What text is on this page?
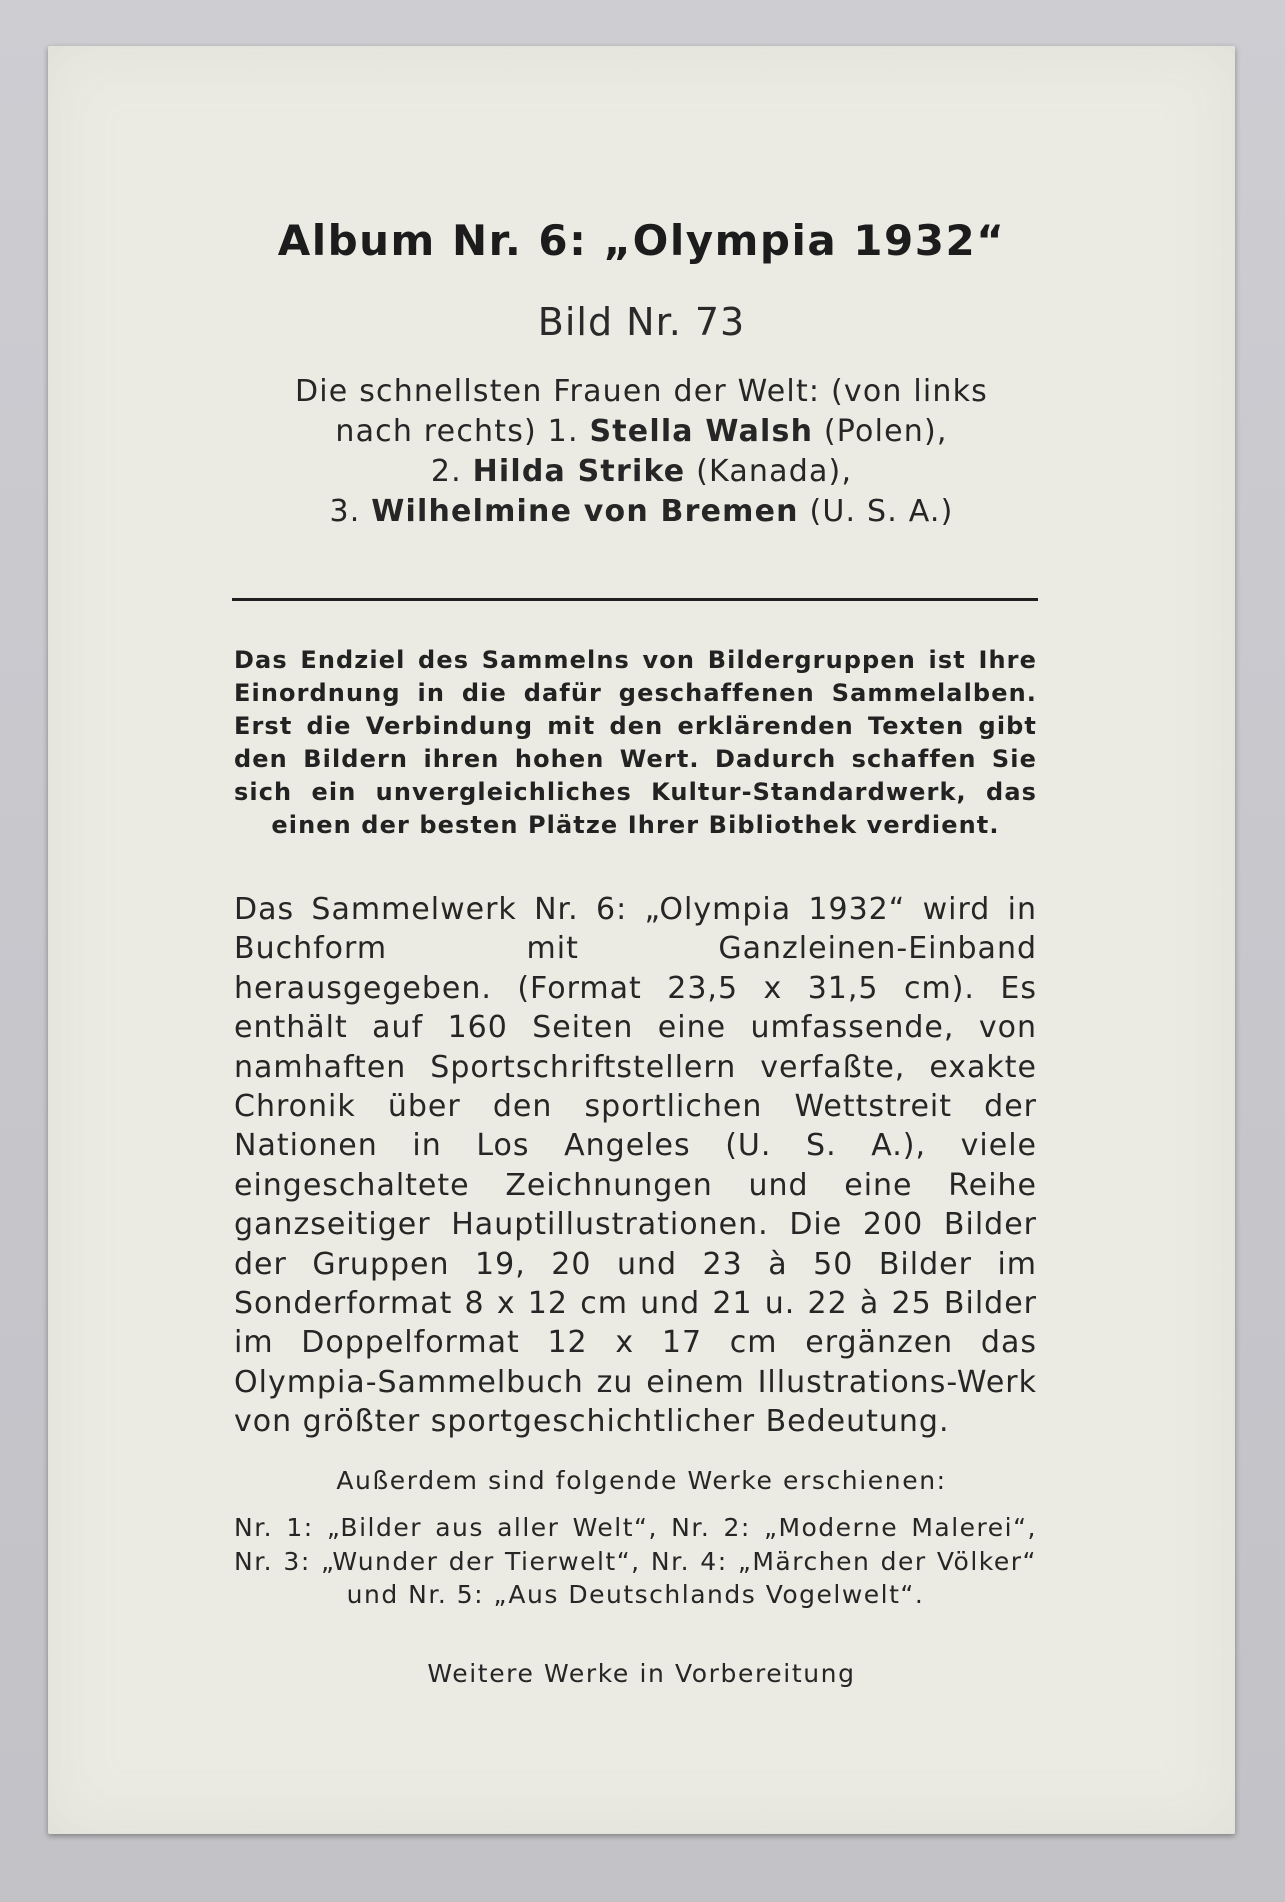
Album Nr. 6: „Olympia 1932“
Bild Nr. 73
Die schnellsten Frauen der Welt: (von links
nach rechts) 1. Stella Walsh (Polen),
2. Hilda Strike (Kanada),
3. Wilhelmine von Bremen (U. S. A.)
Das Endziel des Sammelns von Bildergruppen ist Ihre Einordnung in die dafür geschaffenen Sammelalben. Erst die Verbindung mit den erklärenden Texten gibt den Bildern ihren hohen Wert. Dadurch schaffen Sie sich ein unvergleichliches Kultur-Standardwerk, das einen der besten Plätze Ihrer Bibliothek verdient.
Das Sammelwerk Nr. 6: „Olympia 1932“ wird in Buchform mit Ganzleinen-Einband herausgegeben. (Format 23,5 x 31,5 cm). Es enthält auf 160 Seiten eine umfassende, von namhaften Sportschriftstellern verfaßte, exakte Chronik über den sportlichen Wettstreit der Nationen in Los Angeles (U. S. A.), viele eingeschaltete Zeichnungen und eine Reihe ganzseitiger Hauptillustrationen. Die 200 Bilder der Gruppen 19, 20 und 23 à 50 Bilder im Sonderformat 8 x 12 cm und 21 u. 22 à 25 Bilder im Doppelformat 12 x 17 cm ergänzen das Olympia-Sammelbuch zu einem Illustrations-Werk von größter sportgeschichtlicher Bedeutung.
Außerdem sind folgende Werke erschienen:
Nr. 1: „Bilder aus aller Welt“, Nr. 2: „Moderne Malerei“, Nr. 3: „Wunder der Tierwelt“, Nr. 4: „Märchen der Völker“ und Nr. 5: „Aus Deutschlands Vogelwelt“.
Weitere Werke in Vorbereitung
